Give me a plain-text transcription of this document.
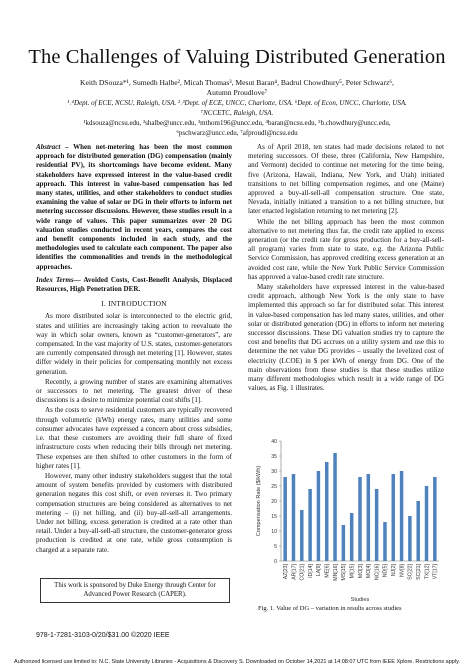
The Challenges of Valuing Distributed Generation
Keith DSouza*¹, Sumedh Halbe², Micah Thomas³, Mesut Baran⁴, Badrul Chowdhury⁵, Peter Schwarz⁶,
Autumn Proudlove⁷
¹˒⁴Dept. of ECE, NCSU, Raleigh, USA. ²˒³Dept. of ECE, UNCC, Charlotte, USA. ⁶Dept. of Econ, UNCC, Charlotte, USA.
⁷NCCETC, Raleigh, USA.
¹kdsouza@ncsu.edu, ²shalbe@uncc.edu, ³mthom196@uncc.edu, ⁴baran@ncsu.edu, ⁵b.chowdhury@uncc.edu,
⁶pschwarz@uncc.edu, ⁷afproudl@ncsu.edu

Abstract – When net-metering has been the most common approach for distributed generation (DG) compensation (mainly residential PV), its shortcomings have become evident. Many stakeholders have expressed interest in the value-based credit approach. This interest in value-based compensation has led many states, utilities, and other stakeholders to conduct studies examining the value of solar or DG in their efforts to inform net metering successor discussions. However, these studies result in a wide range of values. This paper summarizes over 20 DG valuation studies conducted in recent years, compares the cost and benefit components included in each study, and the methodologies used to calculate each component. The paper also identifies the commonalities and trends in the methodological approaches.

Index Terms— Avoided Costs, Cost-Benefit Analysis, Displaced Resources, High Penetration DER.

I. INTRODUCTION

As more distributed solar is interconnected to the electric grid, states and utilities are increasingly taking action to reevaluate the way in which solar owners, known as “customer-generators”, are compensated. In the vast majority of U.S. states, customer-generators are currently compensated through net metering [1]. However, states differ widely in their policies for compensating monthly net excess generation.

Recently, a growing number of states are examining alternatives or successors to net metering. The greatest driver of these discussions is a desire to minimize potential cost shifts [1].

As the costs to serve residential customers are typically recovered through volumetric (kWh) energy rates, many utilities and some consumer advocates have expressed a concern about cross subsidies, i.e. that these customers are avoiding their full share of fixed infrastructure costs when reducing their bills through net metering. These expenses are then shifted to other customers in the form of higher rates [1].

However, many other industry stakeholders suggest that the total amount of system benefits provided by customers with distributed generation negates this cost shift, or even reverses it. Two primary compensation structures are being considered as alternatives to net metering – (i) net billing, and (ii) buy-all-sell-all arrangements. Under net billing, excess generation is credited at a rate other than retail. Under a buy-all-sell-all structure, the customer-generator gross production is credited at one rate, while gross consumption is charged at a separate rate.

This work is sponsored by Duke Energy through Center for Advanced Power Research (CAPER).

As of April 2018, ten states had made decisions related to net metering successors. Of these, three (California, New Hampshire, and Vermont) decided to continue net metering for the time being, five (Arizona, Hawaii, Indiana, New York, and Utah) initiated transitions to net billing compensation regimes, and one (Maine) approved a buy-all-sell-all compensation structure. One state, Nevada, initially initiated a transition to a net billing structure, but later enacted legislation returning to net metering [2].

While the net billing approach has been the most common alternative to net metering thus far, the credit rate applied to excess generation (or the credit rate for gross production for a buy-all-sell-all program) varies from state to state, e.g. the Arizona Public Service Commission, has approved crediting excess generation at an avoided cost rate, while the New York Public Service Commission has approved a value-based credit rate structure.

Many stakeholders have expressed interest in the value-based credit approach, although New York is the only state to have implemented this approach so far for distributed solar. This interest in value-based compensation has led many states, utilities, and other solar or distributed generation (DG) in efforts to inform net metering successor discussions. These DG valuation studies try to capture the cost and benefits that DG accrues on a utility system and use this to determine the net value DG provides – usually the levelized cost of electricity (LCOE) in $ per kWh of energy from DG. One of the main observations from these studies is that these studies utilize many different methodologies which result in a wide range of DG values, as Fig. 1 illustrates.

0
5
10
15
20
25
30
35
40
AZ[23] AR[17] CO[21] ID[14] LA[9] ME[6] MN[16] MS[15] MI[15] MO[3] MO[4] NC[16] ND[5] NJ[2] NV[8] SC[22] SC[21] TX[12] VT[17]
Compensation Rate ($/kWh)
Studies
Fig. 1. Value of DG – variation in results across studies
978-1-7281-3103-0/20/$31.00 ©2020 IEEE
Authorized licensed use limited to: N.C. State University Libraries - Acquisitions & Discovery S. Downloaded on October 14,2021 at 14:08:07 UTC from IEEE Xplore. Restrictions apply.
